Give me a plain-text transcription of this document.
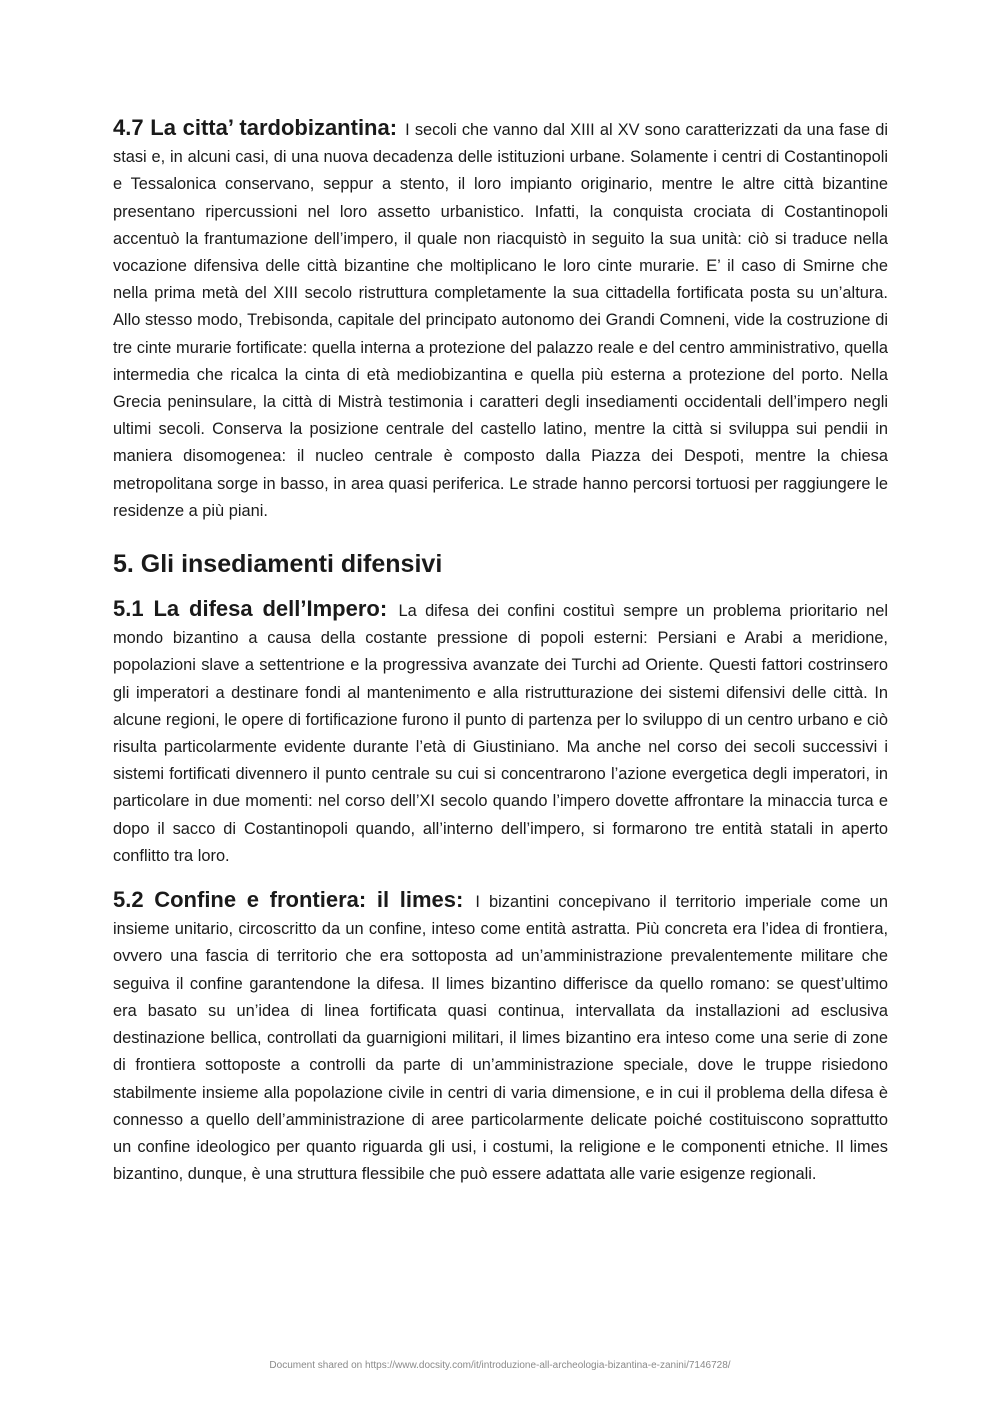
4.7 La citta’ tardobizantina: I secoli che vanno dal XIII al XV sono caratterizzati da una fase di stasi e, in alcuni casi, di una nuova decadenza delle istituzioni urbane. Solamente i centri di Costantinopoli e Tessalonica conservano, seppur a stento, il loro impianto originario, mentre le altre città bizantine presentano ripercussioni nel loro assetto urbanistico. Infatti, la conquista crociata di Costantinopoli accentuò la frantumazione dell’impero, il quale non riacquistò in seguito la sua unità: ciò si traduce nella vocazione difensiva delle città bizantine che moltiplicano le loro cinte murarie. E’ il caso di Smirne che nella prima metà del XIII secolo ristruttura completamente la sua cittadella fortificata posta su un’altura. Allo stesso modo, Trebisonda, capitale del principato autonomo dei Grandi Comneni, vide la costruzione di tre cinte murarie fortificate: quella interna a protezione del palazzo reale e del centro amministrativo, quella intermedia che ricalca la cinta di età mediobizantina e quella più esterna a protezione del porto. Nella Grecia peninsulare, la città di Mistrà testimonia i caratteri degli insediamenti occidentali dell’impero negli ultimi secoli. Conserva la posizione centrale del castello latino, mentre la città si sviluppa sui pendii in maniera disomogenea: il nucleo centrale è composto dalla Piazza dei Despoti, mentre la chiesa metropolitana sorge in basso, in area quasi periferica. Le strade hanno percorsi tortuosi per raggiungere le residenze a più piani.

5. Gli insediamenti difensivi

5.1 La difesa dell’Impero: La difesa dei confini costituì sempre un problema prioritario nel mondo bizantino a causa della costante pressione di popoli esterni: Persiani e Arabi a meridione, popolazioni slave a settentrione e la progressiva avanzate dei Turchi ad Oriente. Questi fattori costrinsero gli imperatori a destinare fondi al mantenimento e alla ristrutturazione dei sistemi difensivi delle città. In alcune regioni, le opere di fortificazione furono il punto di partenza per lo sviluppo di un centro urbano e ciò risulta particolarmente evidente durante l’età di Giustiniano. Ma anche nel corso dei secoli successivi i sistemi fortificati divennero il punto centrale su cui si concentrarono l’azione evergetica degli imperatori, in particolare in due momenti: nel corso dell’XI secolo quando l’impero dovette affrontare la minaccia turca e dopo il sacco di Costantinopoli quando, all’interno dell’impero, si formarono tre entità statali in aperto conflitto tra loro.

5.2 Confine e frontiera: il limes: I bizantini concepivano il territorio imperiale come un insieme unitario, circoscritto da un confine, inteso come entità astratta. Più concreta era l’idea di frontiera, ovvero una fascia di territorio che era sottoposta ad un’amministrazione prevalentemente militare che seguiva il confine garantendone la difesa. Il limes bizantino differisce da quello romano: se quest’ultimo era basato su un’idea di linea fortificata quasi continua, intervallata da installazioni ad esclusiva destinazione bellica, controllati da guarnigioni militari, il limes bizantino era inteso come una serie di zone di frontiera sottoposte a controlli da parte di un’amministrazione speciale, dove le truppe risiedono stabilmente insieme alla popolazione civile in centri di varia dimensione, e in cui il problema della difesa è connesso a quello dell’amministrazione di aree particolarmente delicate poiché costituiscono soprattutto un confine ideologico per quanto riguarda gli usi, i costumi, la religione e le componenti etniche. Il limes bizantino, dunque, è una struttura flessibile che può essere adattata alle varie esigenze regionali.

Document shared on https://www.docsity.com/it/introduzione-all-archeologia-bizantina-e-zanini/7146728/
